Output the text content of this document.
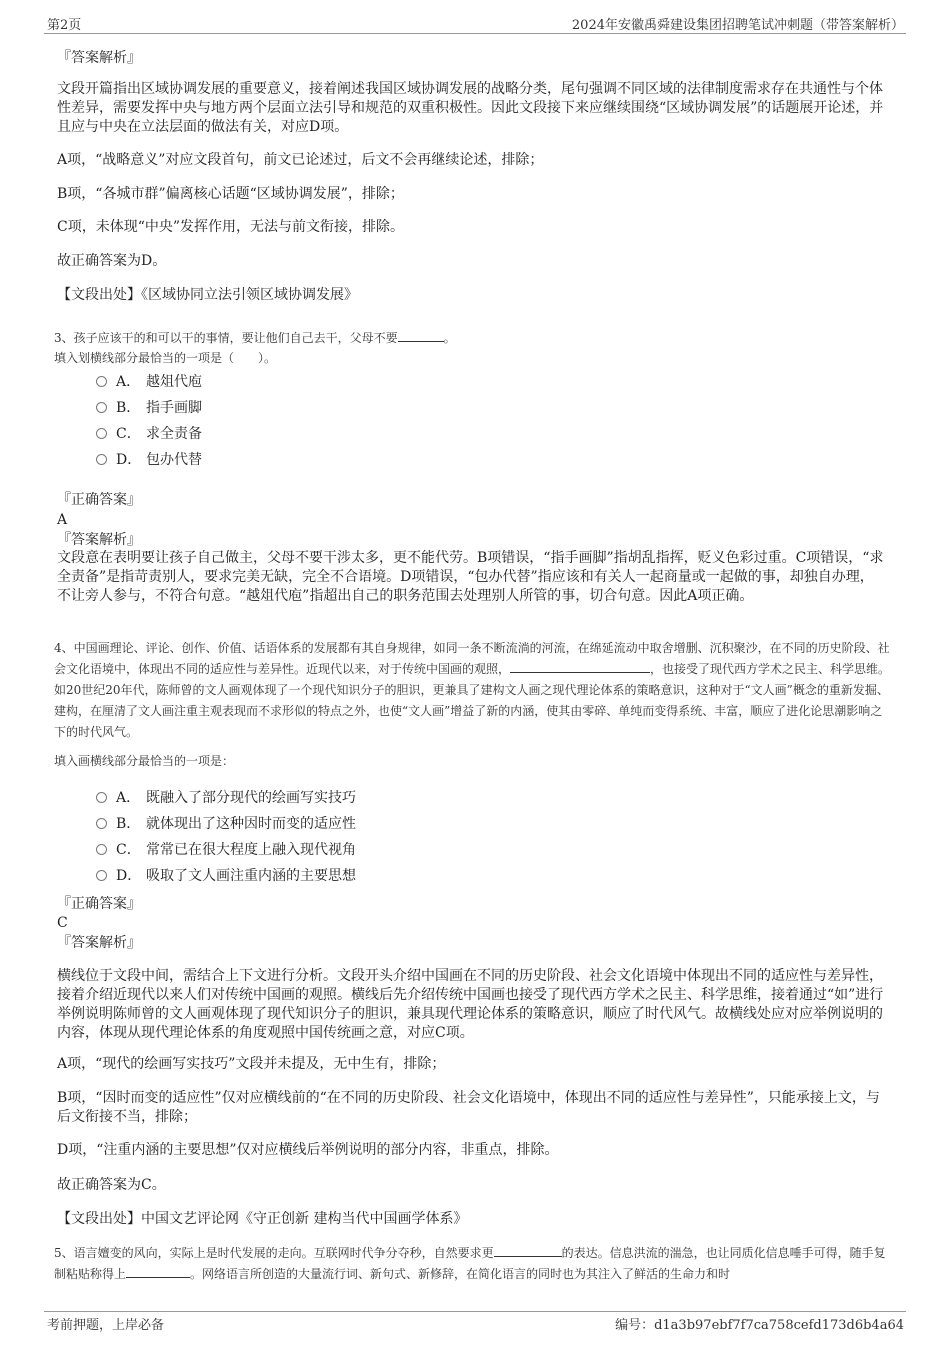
第2页	2024年安徽禹舜建设集团招聘笔试冲刺题（带答案解析）

『答案解析』

文段开篇指出区域协调发展的重要意义，接着阐述我国区域协调发展的战略分类，尾句强调不同区域的法律制度需求存在共通性与个体性差异，需要发挥中央与地方两个层面立法引导和规范的双重积极性。因此文段接下来应继续围绕“区域协调发展”的话题展开论述，并且应与中央在立法层面的做法有关，对应D项。

A项，“战略意义”对应文段首句，前文已论述过，后文不会再继续论述，排除；

B项，“各城市群”偏离核心话题“区域协调发展”，排除；

C项，未体现“中央”发挥作用，无法与前文衔接，排除。

故正确答案为D。

【文段出处】《区域协同立法引领区域协调发展》

3、孩子应该干的和可以干的事情，要让他们自己去干，父母不要	。

填入划横线部分最恰当的一项是（　　）。

A． 越俎代庖
B． 指手画脚
C． 求全责备
D． 包办代替

『正确答案』

A

『答案解析』

文段意在表明要让孩子自己做主，父母不要干涉太多，更不能代劳。B项错误，“指手画脚”指胡乱指挥，贬义色彩过重。C项错误，“求全责备”是指苛责别人，要求完美无缺，完全不合语境。D项错误，“包办代替”指应该和有关人一起商量或一起做的事，却独自办理，不让旁人参与，不符合句意。“越俎代庖”指超出自己的职务范围去处理别人所管的事，切合句意。因此A项正确。

4、中国画理论、评论、创作、价值、话语体系的发展都有其自身规律，如同一条不断流淌的河流，在绵延流动中取舍增删、沉积聚沙，在不同的历史阶段、社会文化语境中，体现出不同的适应性与差异性。近现代以来，对于传统中国画的观照，	，也接受了现代西方学术之民主、科学思维。如20世纪20年代，陈师曾的文人画观体现了一个现代知识分子的胆识，更兼具了建构文人画之现代理论体系的策略意识，这种对于“文人画”概念的重新发掘、建构，在厘清了文人画注重主观表现而不求形似的特点之外，也使“文人画”增益了新的内涵，使其由零碎、单纯而变得系统、丰富，顺应了进化论思潮影响之下的时代风气。

填入画横线部分最恰当的一项是：

A． 既融入了部分现代的绘画写实技巧
B． 就体现出了这种因时而变的适应性
C． 常常已在很大程度上融入现代视角
D． 吸取了文人画注重内涵的主要思想

『正确答案』

C

『答案解析』

横线位于文段中间，需结合上下文进行分析。文段开头介绍中国画在不同的历史阶段、社会文化语境中体现出不同的适应性与差异性，接着介绍近现代以来人们对传统中国画的观照。横线后先介绍传统中国画也接受了现代西方学术之民主、科学思维，接着通过“如”进行举例说明陈师曾的文人画观体现了现代知识分子的胆识，兼具现代理论体系的策略意识，顺应了时代风气。故横线处应对应举例说明的内容，体现从现代理论体系的角度观照中国传统画之意，对应C项。

A项，“现代的绘画写实技巧”文段并未提及，无中生有，排除；

B项，“因时而变的适应性”仅对应横线前的“在不同的历史阶段、社会文化语境中，体现出不同的适应性与差异性”，只能承接上文，与后文衔接不当，排除；

D项，“注重内涵的主要思想”仅对应横线后举例说明的部分内容，非重点，排除。

故正确答案为C。

【文段出处】中国文艺评论网《守正创新 建构当代中国画学体系》

5、语言嬗变的风向，实际上是时代发展的走向。互联网时代争分夺秒，自然要求更	的表达。信息洪流的湍急，也让同质化信息唾手可得，随手复制粘贴称得上	。网络语言所创造的大量流行词、新句式、新修辞，在简化语言的同时也为其注入了鲜活的生命力和时

考前押题，上岸必备	编号：d1a3b97ebf7f7ca758cefd173d6b4a64
